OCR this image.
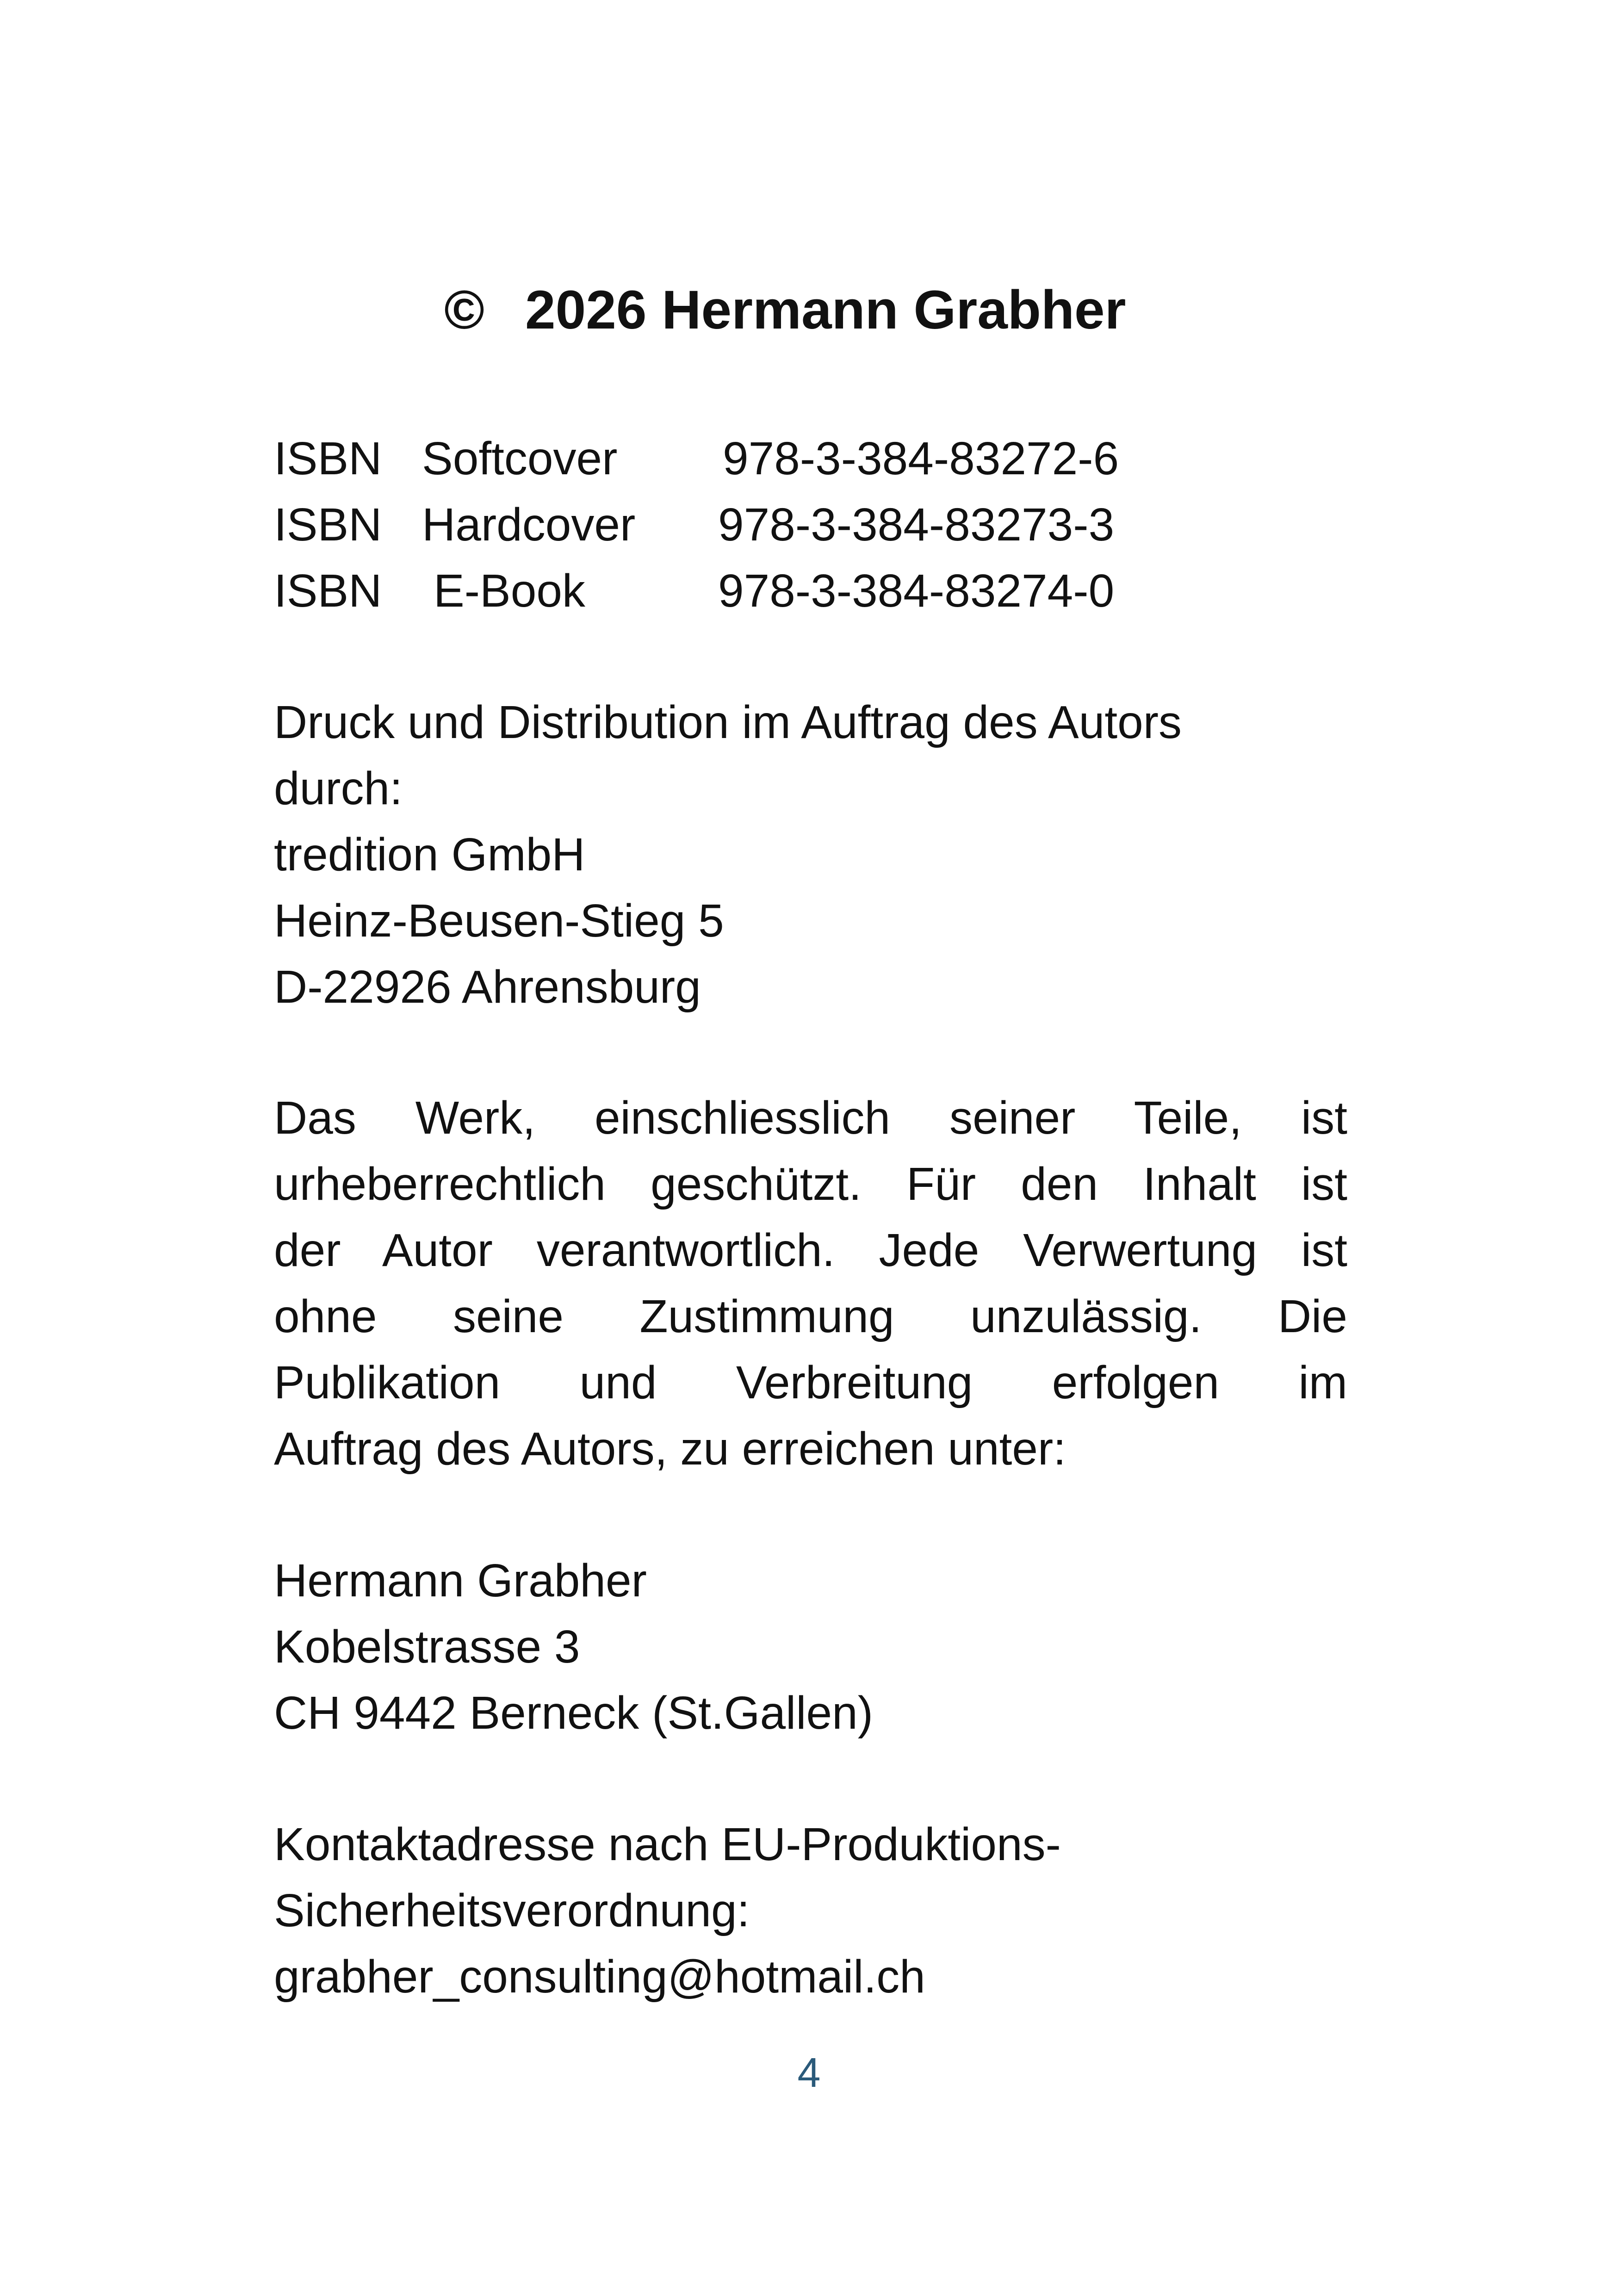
© 2026 Hermann Grabher
ISBN Softcover 978-3-384-83272-6
ISBN Hardcover 978-3-384-83273-3
ISBN E-Book	978-3-384-83274-0
Druck und Distribution im Auftrag des Autors
durch:
tredition GmbH
Heinz-Beusen-Stieg 5
D-22926 Ahrensburg
Das Werk, einschliesslich seiner Teile, ist
urheberrechtlich geschützt. Für den Inhalt ist
der Autor verantwortlich. Jede Verwertung ist
ohne seine Zustimmung unzulässig. Die
Publikation und Verbreitung erfolgen im
Auftrag des Autors, zu erreichen unter:
Hermann Grabher
Kobelstrasse 3
CH 9442 Berneck (St.Gallen)
Kontaktadresse nach EU-Produktions-
Sicherheitsverordnung:
grabher_consulting@hotmail.ch
4
